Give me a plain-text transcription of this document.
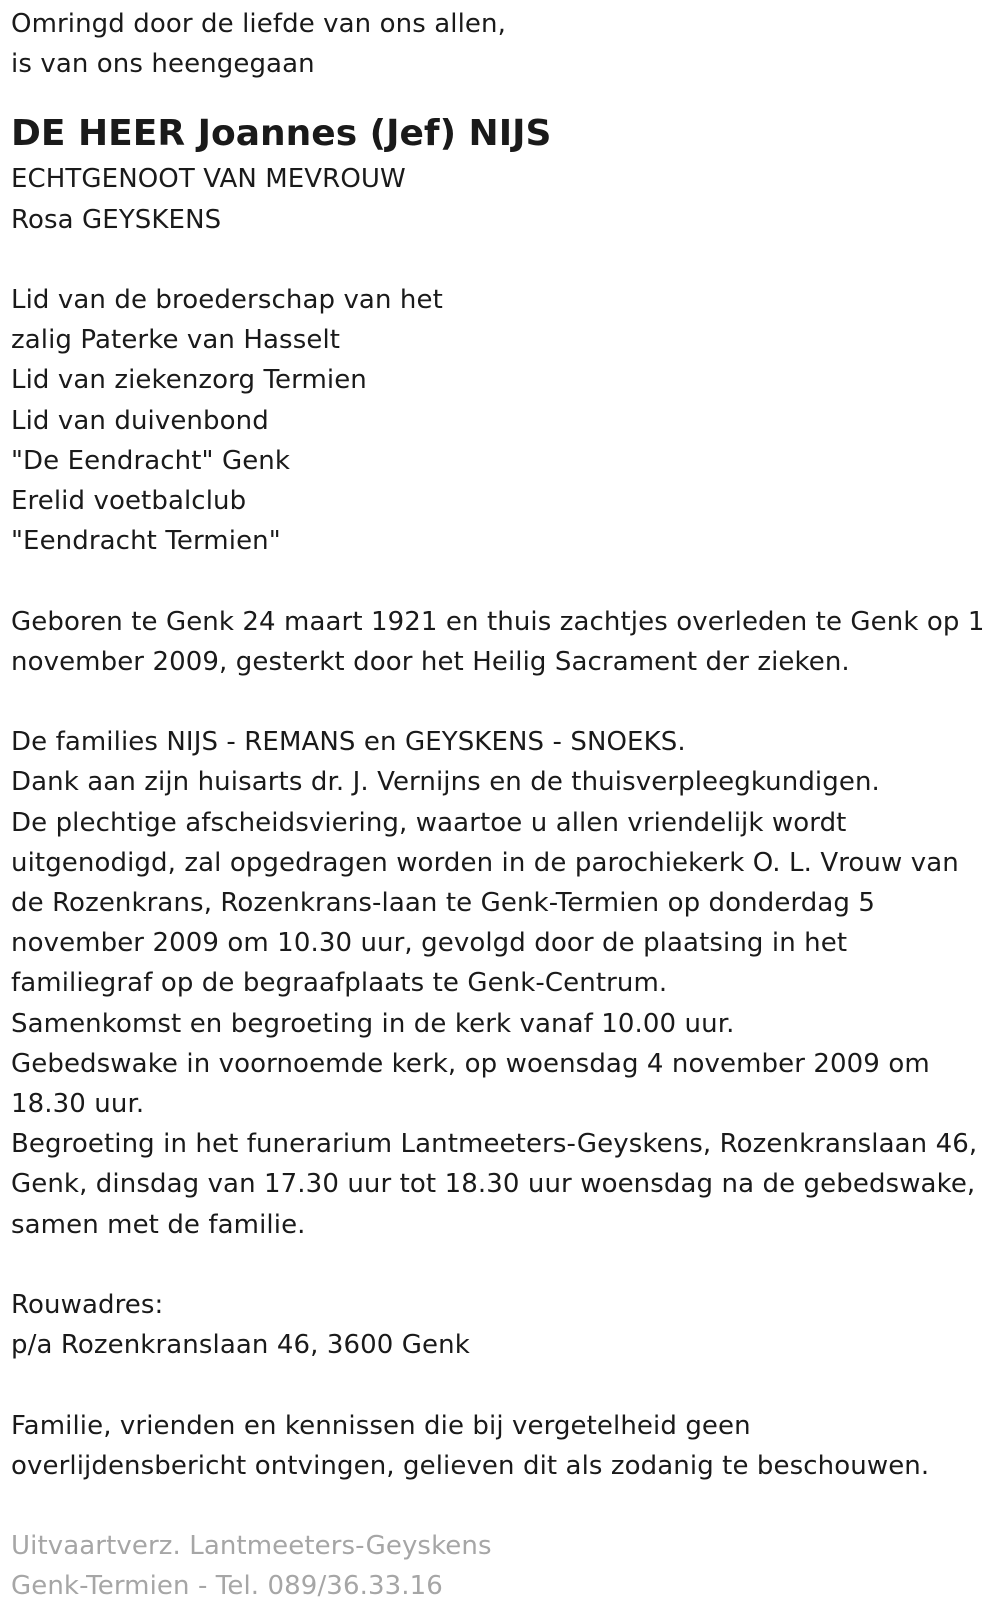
Omringd door de liefde van ons allen,
is van ons heengegaan
DE HEER Joannes (Jef) NIJS
ECHTGENOOT VAN MEVROUW
Rosa GEYSKENS
Lid van de broederschap van het
zalig Paterke van Hasselt
Lid van ziekenzorg Termien
Lid van duivenbond
"De Eendracht" Genk
Erelid voetbalclub
"Eendracht Termien"
Geboren te Genk 24 maart 1921 en thuis zachtjes overleden te Genk op 1
november 2009, gesterkt door het Heilig Sacrament der zieken.
De families NIJS - REMANS en GEYSKENS - SNOEKS.
Dank aan zijn huisarts dr. J. Vernijns en de thuisverpleegkundigen.
De plechtige afscheidsviering, waartoe u allen vriendelijk wordt
uitgenodigd, zal opgedragen worden in de parochiekerk O. L. Vrouw van
de Rozenkrans, Rozenkrans-laan te Genk-Termien op donderdag 5
november 2009 om 10.30 uur, gevolgd door de plaatsing in het
familiegraf op de begraafplaats te Genk-Centrum.
Samenkomst en begroeting in de kerk vanaf 10.00 uur.
Gebedswake in voornoemde kerk, op woensdag 4 november 2009 om
18.30 uur.
Begroeting in het funerarium Lantmeeters-Geyskens, Rozenkranslaan 46,
Genk, dinsdag van 17.30 uur tot 18.30 uur woensdag na de gebedswake,
samen met de familie.
Rouwadres:
p/a Rozenkranslaan 46, 3600 Genk
Familie, vrienden en kennissen die bij vergetelheid geen
overlijdensbericht ontvingen, gelieven dit als zodanig te beschouwen.
Uitvaartverz. Lantmeeters-Geyskens
Genk-Termien - Tel. 089/36.33.16
